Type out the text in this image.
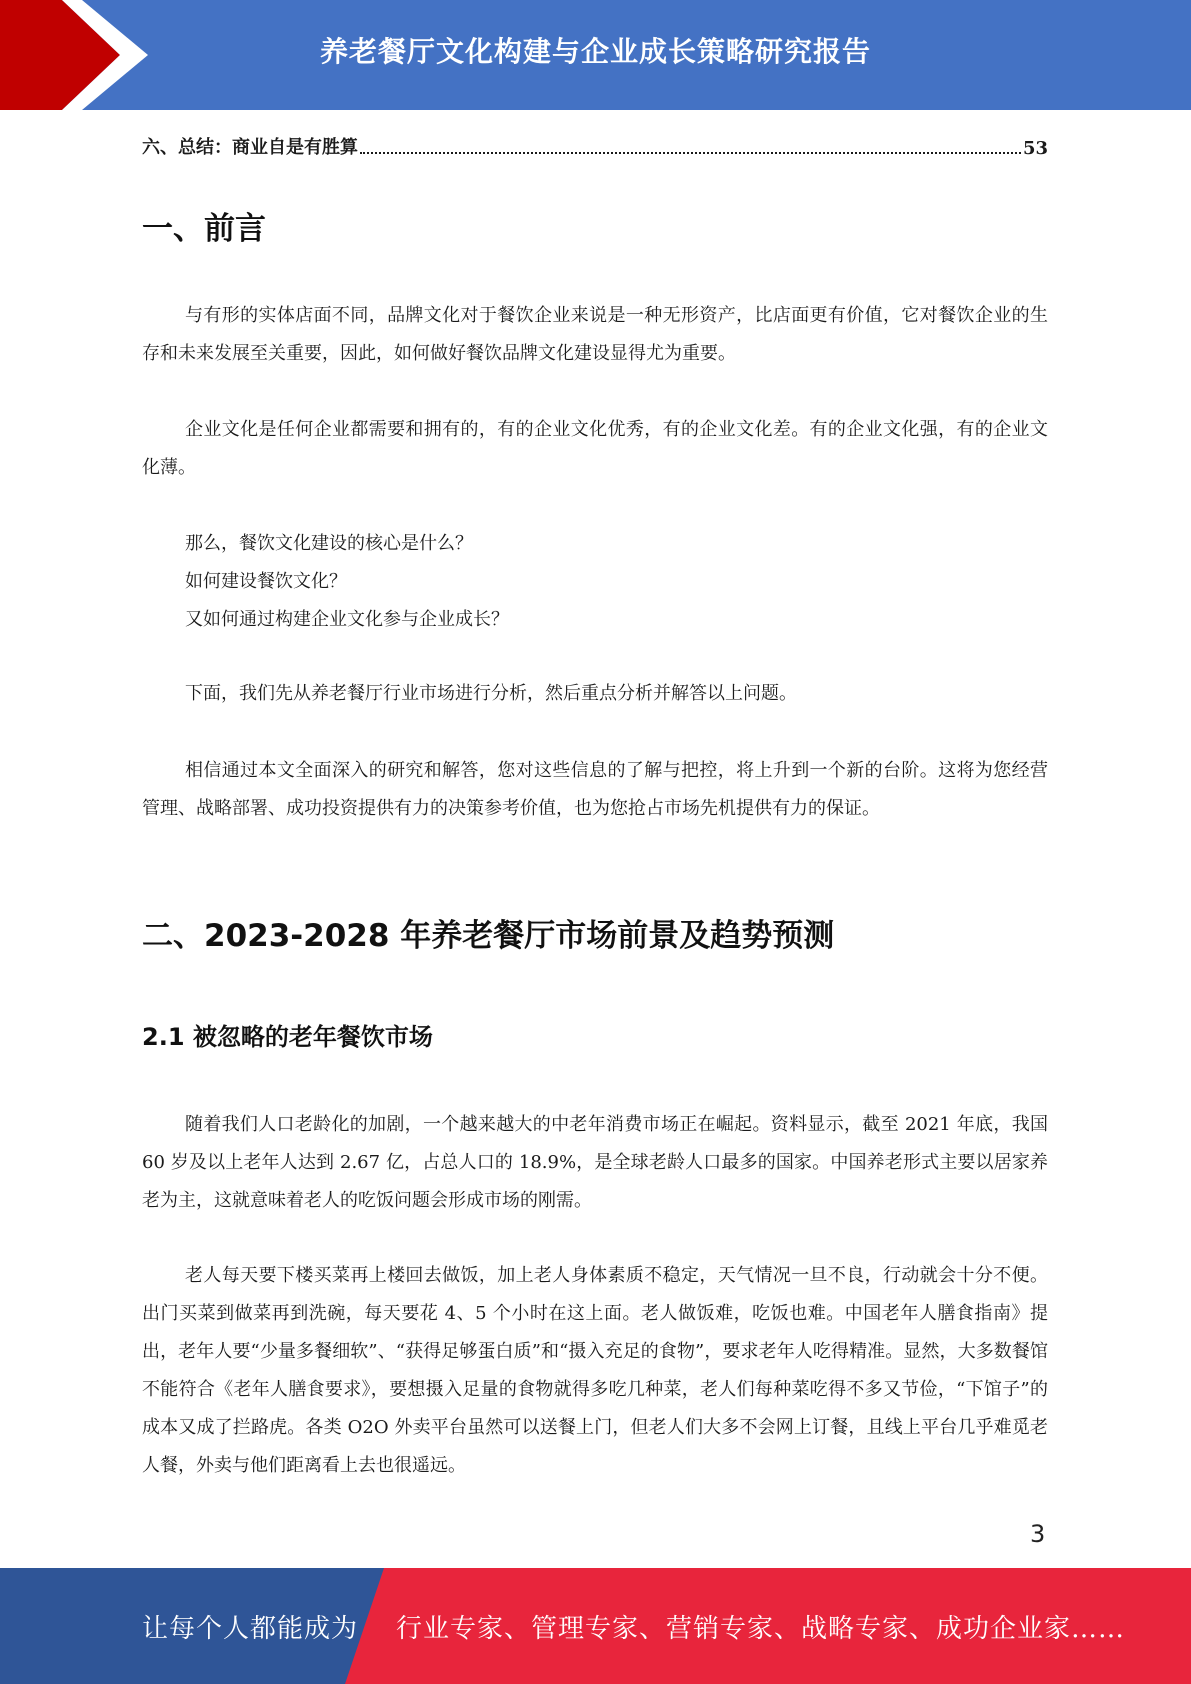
养老餐厅文化构建与企业成长策略研究报告
六、总结：商业自是有胜算	53
一、前言
与有形的实体店面不同，品牌文化对于餐饮企业来说是一种无形资产，比店面更有价值，它对餐饮企业的生存和未来发展至关重要，因此，如何做好餐饮品牌文化建设显得尤为重要。
企业文化是任何企业都需要和拥有的，有的企业文化优秀，有的企业文化差。有的企业文化强，有的企业文化薄。
那么，餐饮文化建设的核心是什么？
如何建设餐饮文化？
又如何通过构建企业文化参与企业成长？
下面，我们先从养老餐厅行业市场进行分析，然后重点分析并解答以上问题。
相信通过本文全面深入的研究和解答，您对这些信息的了解与把控，将上升到一个新的台阶。这将为您经营管理、战略部署、成功投资提供有力的决策参考价值，也为您抢占市场先机提供有力的保证。
二、2023-2028 年养老餐厅市场前景及趋势预测
2.1 被忽略的老年餐饮市场
随着我们人口老龄化的加剧，一个越来越大的中老年消费市场正在崛起。资料显示，截至 2021 年底，我国 60 岁及以上老年人达到 2.67 亿，占总人口的 18.9%，是全球老龄人口最多的国家。中国养老形式主要以居家养老为主，这就意味着老人的吃饭问题会形成市场的刚需。
老人每天要下楼买菜再上楼回去做饭，加上老人身体素质不稳定，天气情况一旦不良，行动就会十分不便。出门买菜到做菜再到洗碗，每天要花 4、5 个小时在这上面。老人做饭难，吃饭也难。中国老年人膳食指南》提出，老年人要“少量多餐细软”、“获得足够蛋白质”和“摄入充足的食物”，要求老年人吃得精准。显然，大多数餐馆不能符合《老年人膳食要求》，要想摄入足量的食物就得多吃几种菜，老人们每种菜吃得不多又节俭，“下馆子”的成本又成了拦路虎。各类 O2O 外卖平台虽然可以送餐上门，但老人们大多不会网上订餐，且线上平台几乎难觅老人餐，外卖与他们距离看上去也很遥远。
3
让每个人都能成为 行业专家、管理专家、营销专家、战略专家、成功企业家……
